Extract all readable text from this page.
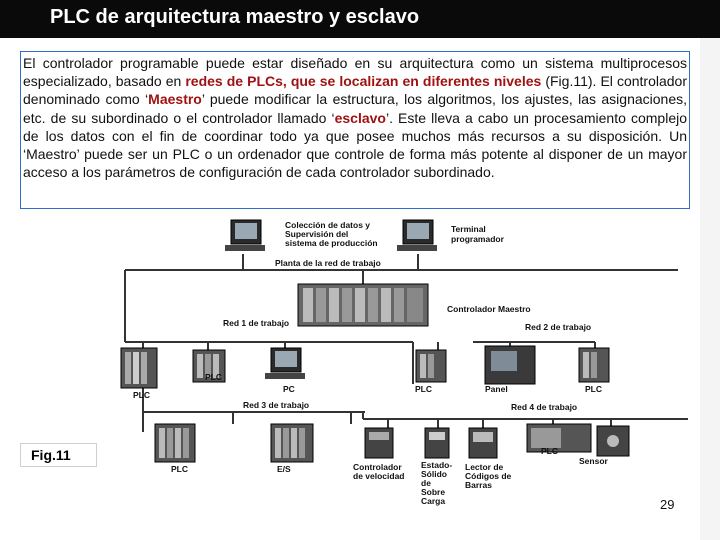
PLC de arquitectura maestro y esclavo

El controlador programable puede estar diseñado en su arquitectura como un sistema multiprocesos especializado, basado en redes de PLCs, que se localizan en diferentes niveles (Fig.11). El controlador denominado como ‘Maestro’ puede modificar la estructura, los algoritmos, los ajustes, las asignaciones, etc. de su subordinado o el controlador llamado ‘esclavo’. Este lleva a cabo un procesamiento complejo de los datos con el fin de coordinar todo ya que posee muchos más recursos a su disposición. Un ‘Maestro’ puede ser un PLC o un ordenador que controle de forma más potente al disponer de un mayor acceso a los parámetros de configuración de cada controlador subordinado.

Colección de datos y
Supervisión del
sistema de producción
Terminal
programador
Planta de la red de trabajo
Controlador Maestro
Red 1 de trabajo	Red 2 de trabajo
PLC
PLC
PC	PLC	Panel	PLC
Red 3 de trabajo	Red 4 de trabajo
PLC	E/S	Controlador
de velocidad
Estado-
Sólido
de
Sobre
Carga
Lector de
Códigos de
Barras
PLC
Sensor
Fig.11
29
